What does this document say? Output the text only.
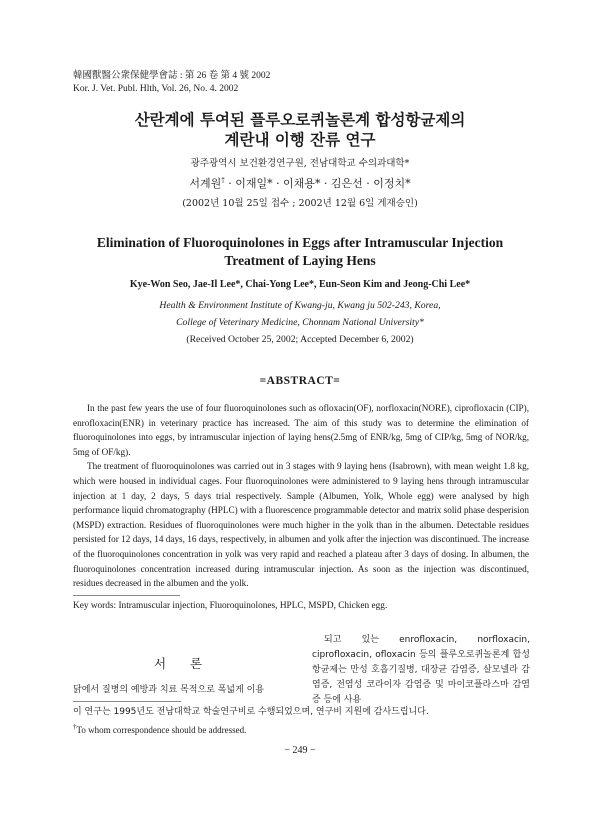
韓國獸醫公衆保健學會誌 : 第 26 卷 第 4 號 2002
Kor. J. Vet. Publ. Hlth, Vol. 26, No. 4. 2002
산란계에 투여된 플루오로퀴놀론계 합성항균제의
계란내 이행 잔류 연구
광주광역시 보건환경연구원, 전남대학교 수의과대학*
서계원† · 이재일* · 이채용* · 김은선 · 이정치*
(2002년 10월 25일 접수 ; 2002년 12월 6일 게재승인)
Elimination of Fluoroquinolones in Eggs after Intramuscular Injection
Treatment of Laying Hens
Kye-Won Seo, Jae-Il Lee*, Chai-Yong Lee*, Eun-Seon Kim and Jeong-Chi Lee*
Health & Environment Institute of Kwang-ju, Kwang ju 502-243, Korea,
College of Veterinary Medicine, Chonnam National University*
(Received October 25, 2002; Accepted December 6, 2002)
=ABSTRACT=

In the past few years the use of four fluoroquinolones such as ofloxacin(OF), norfloxacin(NORE), ciprofloxacin (CIP), enrofloxacin(ENR) in veterinary practice has increased. The aim of this study was to determine the elimination of fluoroquinolones into eggs, by intramuscular injection of laying hens(2.5mg of ENR/kg, 5mg of CIP/kg, 5mg of NOR/kg, 5mg of OF/kg).

The treatment of fluoroquinolones was carried out in 3 stages with 9 laying hens (Isabrown), with mean weight 1.8 kg, which were housed in individual cages. Four fluoroquinolones were administered to 9 laying hens through intramuscular injection at 1 day, 2 days, 5 days trial respectively. Sample (Albumen, Yolk, Whole egg) were analysed by high performance liquid chromatography (HPLC) with a fluorescence programmable detector and matrix solid phase desperision (MSPD) extraction. Residues of fluoroquinolones were much higher in the yolk than in the albumen. Detectable residues persisted for 12 days, 14 days, 16 days, respectively, in albumen and yolk after the injection was discontinued. The increase of the fluoroquinolones concentration in yolk was very rapid and reached a plateau after 3 days of dosing. In albumen, the fluoroquinolones concentration increased during intramuscular injection. As soon as the injection was discontinued, residues decreased in the albumen and the yolk.

Key words: Intramuscular injection, Fluoroquinolones, HPLC, MSPD, Chicken egg.
서 론
닭에서 질병의 예방과 치료 목적으로 폭넓게 이용

되고 있는 enrofloxacin, norfloxacin, ciprofloxacin, ofloxacin 등의 플루오로퀴놀론계 합성항균제는 만성 호흡기질병, 대장균 감염증, 살모넬라 감염증, 전염성 코라이자 감염증 및 마이코플라스마 감염증 등에 사용

이 연구는 1995년도 전남대학교 학술연구비로 수행되었으며, 연구비 지원에 감사드립니다.
†To whom correspondence should be addressed.
− 249 −
